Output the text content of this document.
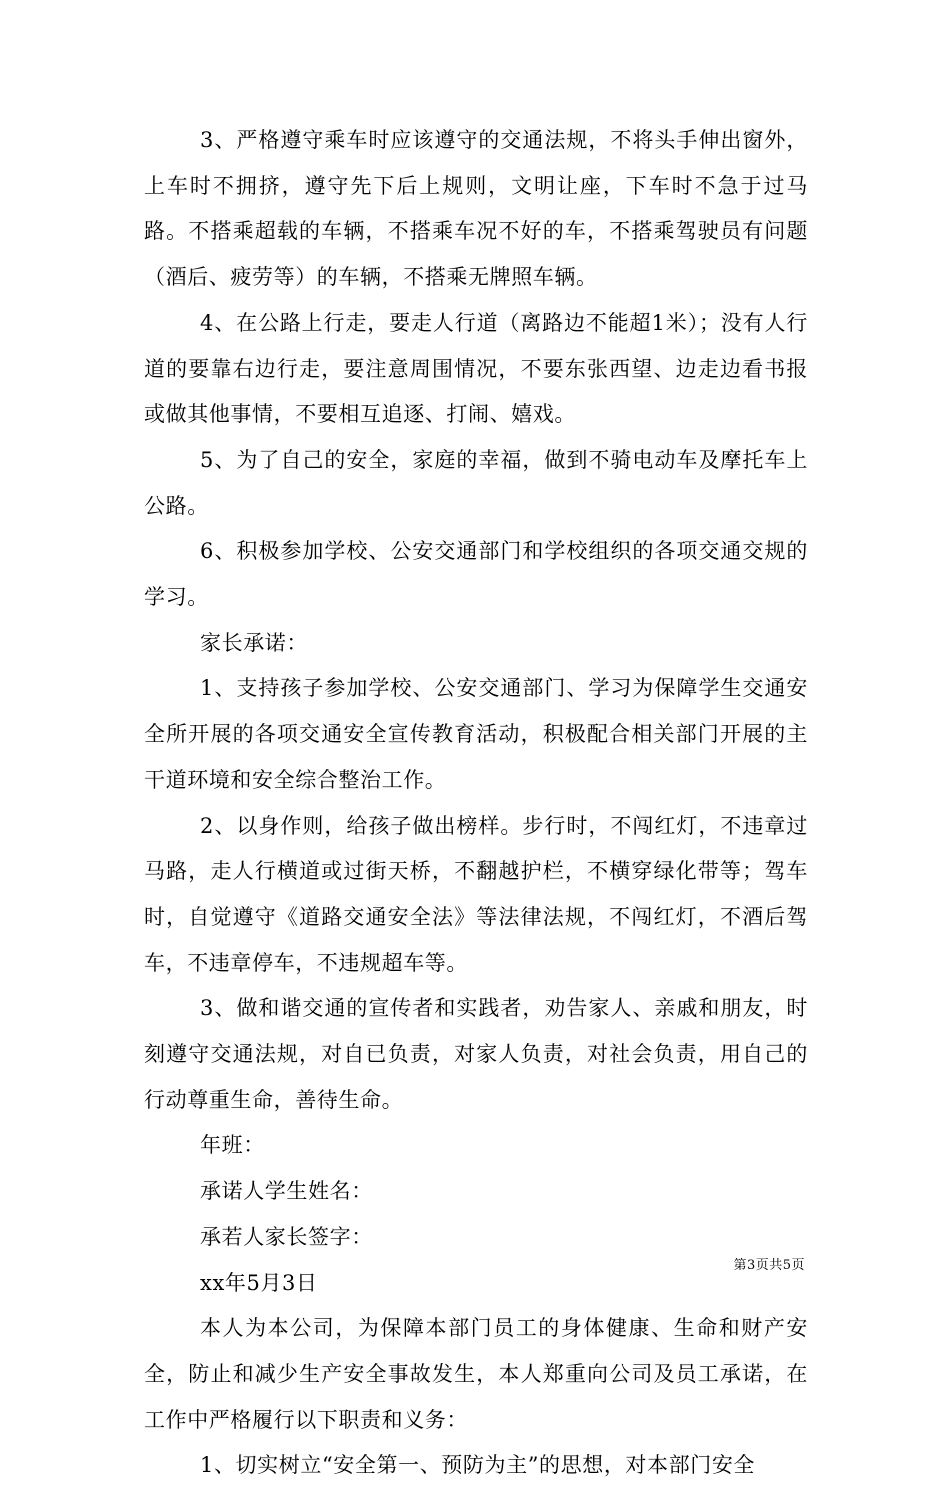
3、严格遵守乘车时应该遵守的交通法规，不将头手伸出窗外，上车时不拥挤，遵守先下后上规则，文明让座，下车时不急于过马路。不搭乘超载的车辆，不搭乘车况不好的车，不搭乘驾驶员有问题（酒后、疲劳等）的车辆，不搭乘无牌照车辆。

4、在公路上行走，要走人行道（离路边不能超1米）；没有人行道的要靠右边行走，要注意周围情况，不要东张西望、边走边看书报或做其他事情，不要相互追逐、打闹、嬉戏。

5、为了自己的安全，家庭的幸福，做到不骑电动车及摩托车上公路。

6、积极参加学校、公安交通部门和学校组织的各项交通交规的学习。

家长承诺：

1、支持孩子参加学校、公安交通部门、学习为保障学生交通安全所开展的各项交通安全宣传教育活动，积极配合相关部门开展的主干道环境和安全综合整治工作。

2、以身作则，给孩子做出榜样。步行时，不闯红灯，不违章过马路，走人行横道或过街天桥，不翻越护栏，不横穿绿化带等；驾车时，自觉遵守《道路交通安全法》等法律法规，不闯红灯，不酒后驾车，不违章停车，不违规超车等。

3、做和谐交通的宣传者和实践者，劝告家人、亲戚和朋友，时刻遵守交通法规，对自已负责，对家人负责，对社会负责，用自己的行动尊重生命，善待生命。

年班：

承诺人学生姓名：

承若人家长签字：

xx年5月3日

本人为本公司，为保障本部门员工的身体健康、生命和财产安全，防止和减少生产安全事故发生，本人郑重向公司及员工承诺，在工作中严格履行以下职责和义务：

1、切实树立“安全第一、预防为主”的思想，对本部门安全

第3页共5页
